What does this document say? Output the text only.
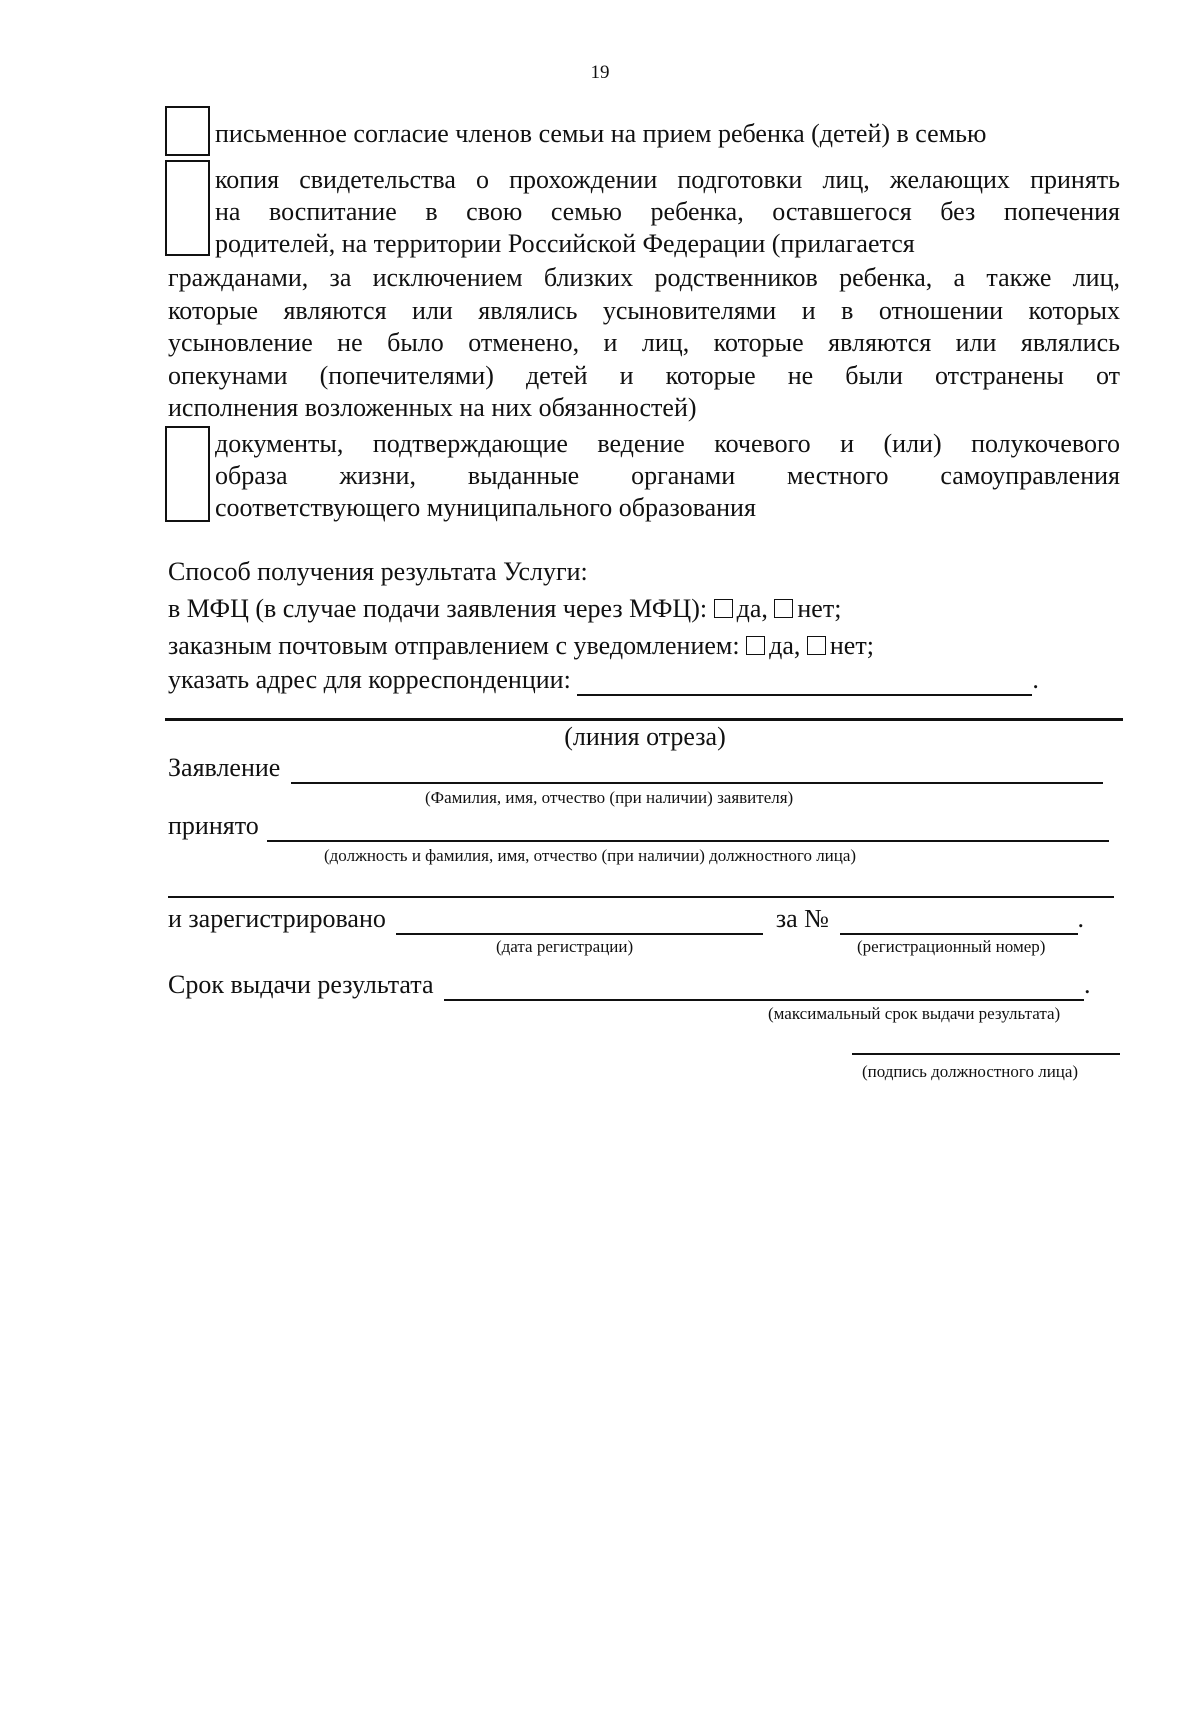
19
письменное согласие членов семьи на прием ребенка (детей) в семью
копия свидетельства о прохождении подготовки лиц, желающих принять
на воспитание в свою семью ребенка, оставшегося без попечения
родителей, на территории Российской Федерации (прилагается
гражданами, за исключением близких родственников ребенка, а также лиц,
которые являются или являлись усыновителями и в отношении которых
усыновление не было отменено, и лиц, которые являются или являлись
опекунами (попечителями) детей и которые не были отстранены от
исполнения возложенных на них обязанностей)
документы, подтверждающие ведение кочевого и (или) полукочевого
образа жизни, выданные органами местного самоуправления
соответствующего муниципального образования
Способ получения результата Услуги:
в МФЦ (в случае подачи заявления через МФЦ): да, нет;
заказным почтовым отправлением с уведомлением: да, нет;
указать адрес для корреспонденции:	.
(линия отреза)
Заявление
(Фамилия, имя, отчество (при наличии) заявителя)
принято
(должность и фамилия, имя, отчество (при наличии) должностного лица)
и зарегистрировано	за №	.
(дата регистрации)	(регистрационный номер)
Срок выдачи результата	.
(максимальный срок выдачи результата)
(подпись должностного лица)
